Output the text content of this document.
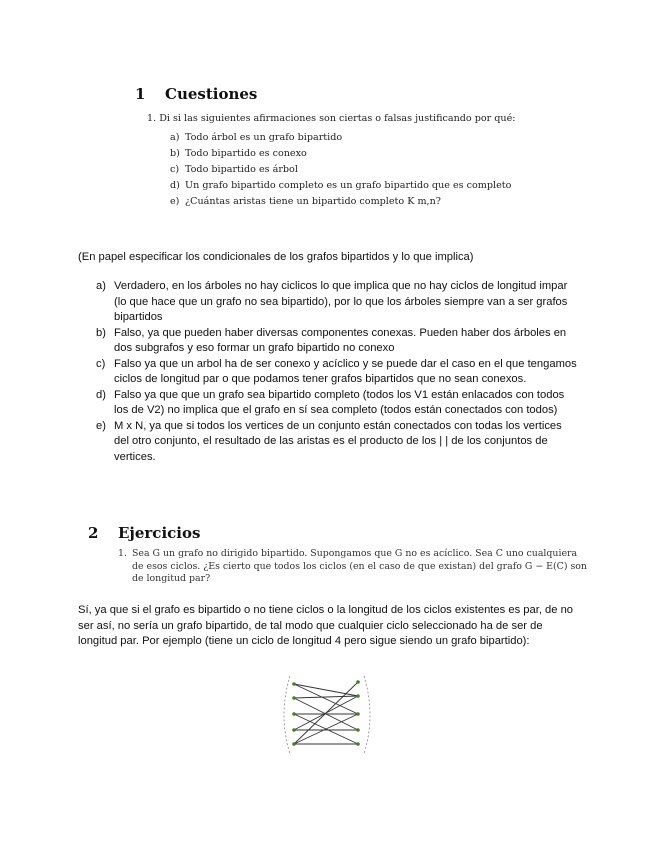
1 Cuestiones
1. Di si las siguientes afirmaciones son ciertas o falsas justificando por qué:
a) Todo árbol es un grafo bipartido
b) Todo bipartido es conexo
c) Todo bipartido es árbol
d) Un grafo bipartido completo es un grafo bipartido que es completo
e) ¿Cuántas aristas tiene un bipartido completo K m,n?
(En papel especificar los condicionales de los grafos bipartidos y lo que implica)
a) Verdadero, en los árboles no hay ciclicos lo que implica que no hay ciclos de longitud impar (lo que hace que un grafo no sea bipartido), por lo que los árboles siempre van a ser grafos bipartidos
b) Falso, ya que pueden haber diversas componentes conexas. Pueden haber dos árboles en dos subgrafos y eso formar un grafo bipartido no conexo
c) Falso ya que un arbol ha de ser conexo y acíclico y se puede dar el caso en el que tengamos ciclos de longitud par o que podamos tener grafos bipartidos que no sean conexos.
d) Falso ya que que un grafo sea bipartido completo (todos los V1 están enlacados con todos los de V2) no implica que el grafo en sí sea completo (todos están conectados con todos)
e) M x N, ya que si todos los vertices de un conjunto están conectados con todas los vertices del otro conjunto, el resultado de las aristas es el producto de los | | de los conjuntos de vertices.
2 Ejercicios
1. Sea G un grafo no dirigido bipartido. Supongamos que G no es acíclico. Sea C uno cualquiera de esos ciclos. ¿Es cierto que todos los ciclos (en el caso de que existan) del grafo G − E(C) son de longitud par?
Sí, ya que si el grafo es bipartido o no tiene ciclos o la longitud de los ciclos existentes es par, de no ser así, no sería un grafo bipartido, de tal modo que cualquier ciclo seleccionado ha de ser de longitud par. Por ejemplo (tiene un ciclo de longitud 4 pero sigue siendo un grafo bipartido):
